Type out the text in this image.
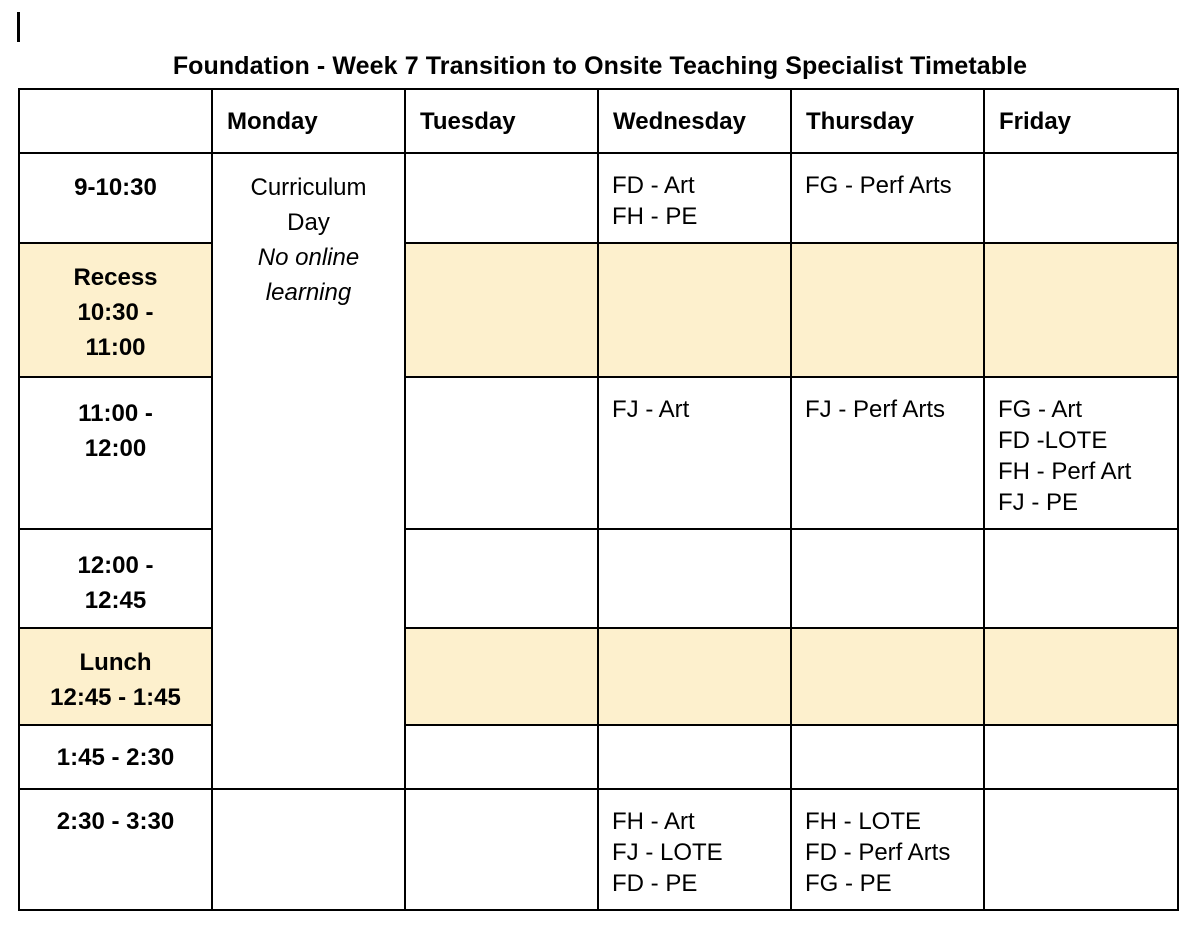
Foundation - Week 7 Transition to Onsite Teaching Specialist Timetable
	Monday	Tuesday	Wednesday	Thursday	Friday

9-10:30	Curriculum
Day
No online
learning		FD - Art
FH - PE	FG - Perf Arts	

Recess
10:30 -
11:00					

11:00 -
12:00			FJ - Art	FJ - Perf Arts	FG - Art
FD -LOTE
FH - Perf Art
FJ - PE

12:00 -
12:45					

Lunch
12:45 - 1:45					

1:45 - 2:30					

2:30 - 3:30			FH - Art
FJ - LOTE
FD - PE	FH - LOTE
FD - Perf Arts
FG - PE	
